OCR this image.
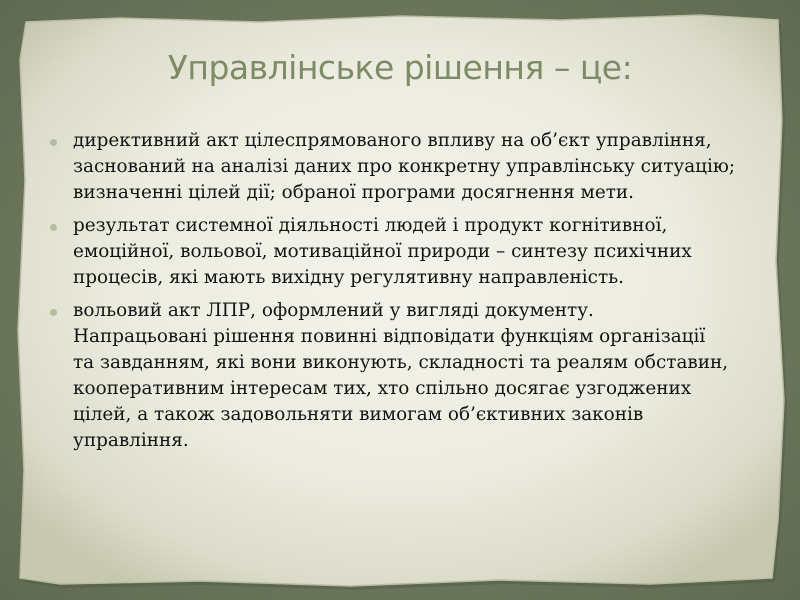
Управлінське рішення – це:
директивний акт цілеспрямованого впливу на об’єкт управління,
заснований на аналізі даних про конкретну управлінську ситуацію;
визначенні цілей дії; обраної програми досягнення мети.
результат системної діяльності людей і продукт когнітивної,
емоційної, вольової, мотиваційної природи – синтезу психічних
процесів, які мають вихідну регулятивну направленість.
вольовий акт ЛПР, оформлений у вигляді документу.
Напрацьовані рішення повинні відповідати функціям організації
та завданням, які вони виконують, складності та реалям обставин,
кооперативним інтересам тих, хто спільно досягає узгоджених
цілей, а також задовольняти вимогам об’єктивних законів
управління.
